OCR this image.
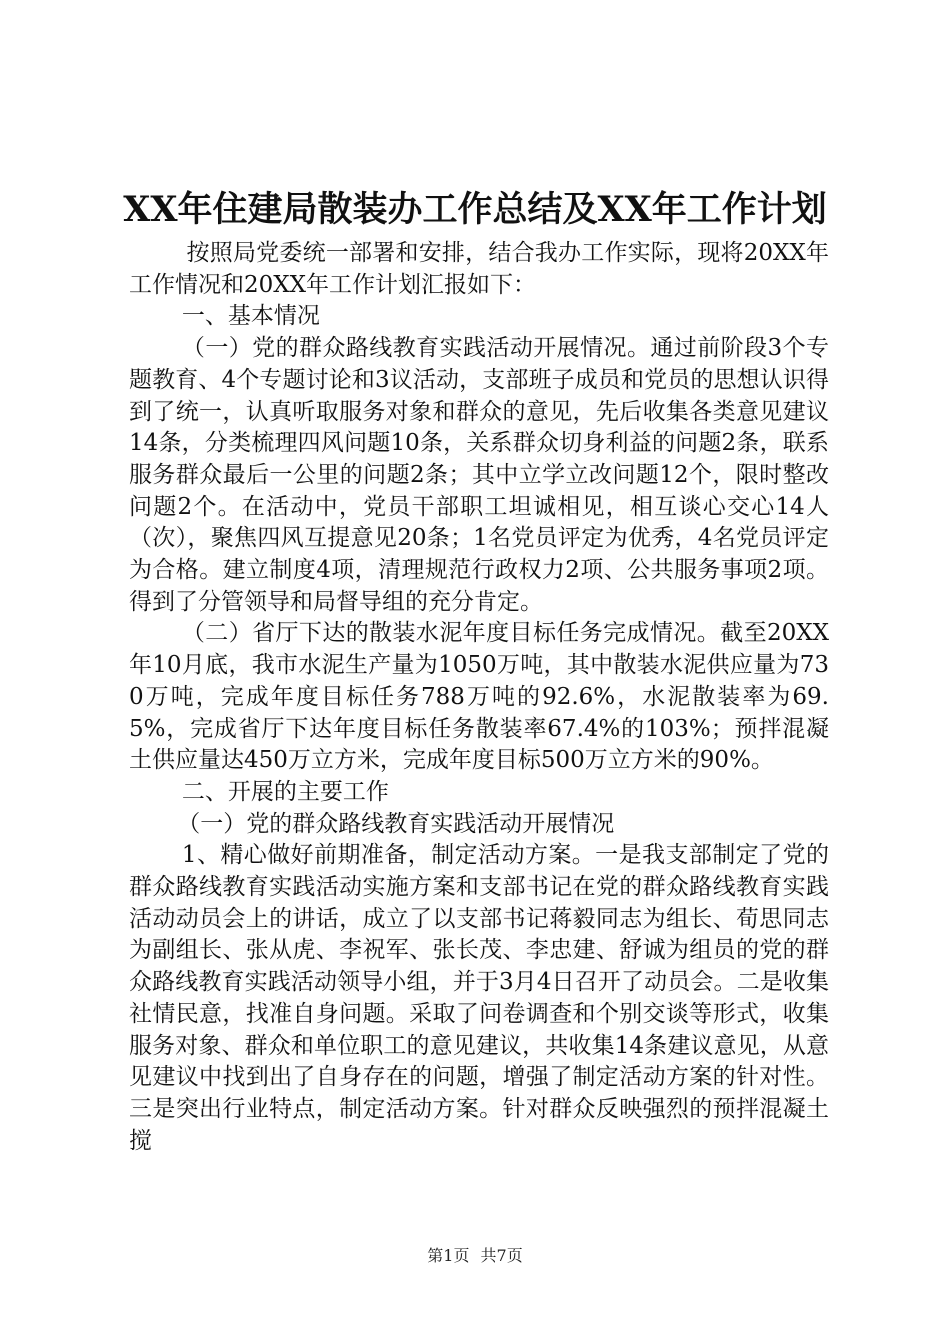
XX年住建局散装办工作总结及XX年工作计划

按照局党委统一部署和安排，结合我办工作实际，现将20XX年工作情况和20XX年工作计划汇报如下：

一、基本情况

（一）党的群众路线教育实践活动开展情况。通过前阶段3个专题教育、4个专题讨论和3议活动，支部班子成员和党员的思想认识得到了统一，认真听取服务对象和群众的意见，先后收集各类意见建议14条，分类梳理四风问题10条，关系群众切身利益的问题2条，联系服务群众最后一公里的问题2条；其中立学立改问题12个，限时整改问题2个。在活动中，党员干部职工坦诚相见，相互谈心交心14人（次），聚焦四风互提意见20条；1名党员评定为优秀，4名党员评定为合格。建立制度4项，清理规范行政权力2项、公共服务事项2项。得到了分管领导和局督导组的充分肯定。

（二）省厅下达的散装水泥年度目标任务完成情况。截至20XX年10月底，我市水泥生产量为1050万吨，其中散装水泥供应量为730万吨，完成年度目标任务788万吨的92.6%，水泥散装率为69.5%，完成省厅下达年度目标任务散装率67.4%的103%；预拌混凝土供应量达450万立方米，完成年度目标500万立方米的90%。

二、开展的主要工作

（一）党的群众路线教育实践活动开展情况

1、精心做好前期准备，制定活动方案。一是我支部制定了党的群众路线教育实践活动实施方案和支部书记在党的群众路线教育实践活动动员会上的讲话，成立了以支部书记蒋毅同志为组长、荀思同志为副组长、张从虎、李祝军、张长茂、李忠建、舒诚为组员的党的群众路线教育实践活动领导小组，并于3月4日召开了动员会。二是收集社情民意，找准自身问题。采取了问卷调查和个别交谈等形式，收集服务对象、群众和单位职工的意见建议，共收集14条建议意见，从意见建议中找到出了自身存在的问题，增强了制定活动方案的针对性。三是突出行业特点，制定活动方案。针对群众反映强烈的预拌混凝土搅

第1页 共7页
